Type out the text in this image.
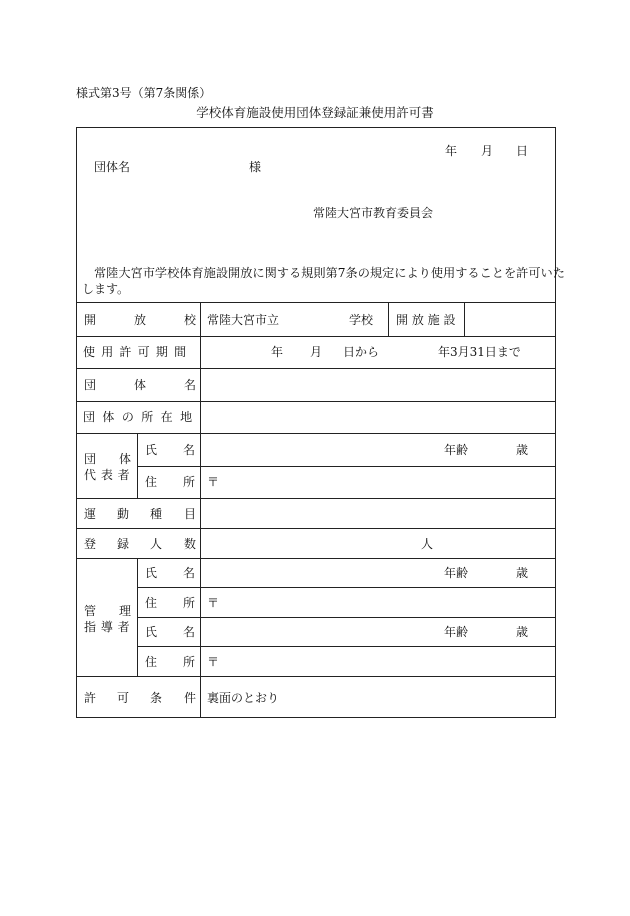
様式第3号（第7条関係）
学校体育施設使用団体登録証兼使用許可書
年 月 日
団体名	様
常陸大宮市教育委員会
常陸大宮市学校体育施設開放に関する規則第7条の規定により使用することを許可いた
します。
開	放	校 常陸大宮市立	学校 開 放 施 設
使 用 許 可 期 間	年 月 日から	年3月31日まで
団	体	名
団 体 の 所 在 地
団 体
代 表 者
氏 名	年齢	歳
住 所 〒
運 動 種 目
登 録 人 数	人
管 理
指 導 者
氏 名	年齢	歳
住 所 〒
氏 名	年齢	歳
住 所 〒
許 可 条 件 裏面のとおり
